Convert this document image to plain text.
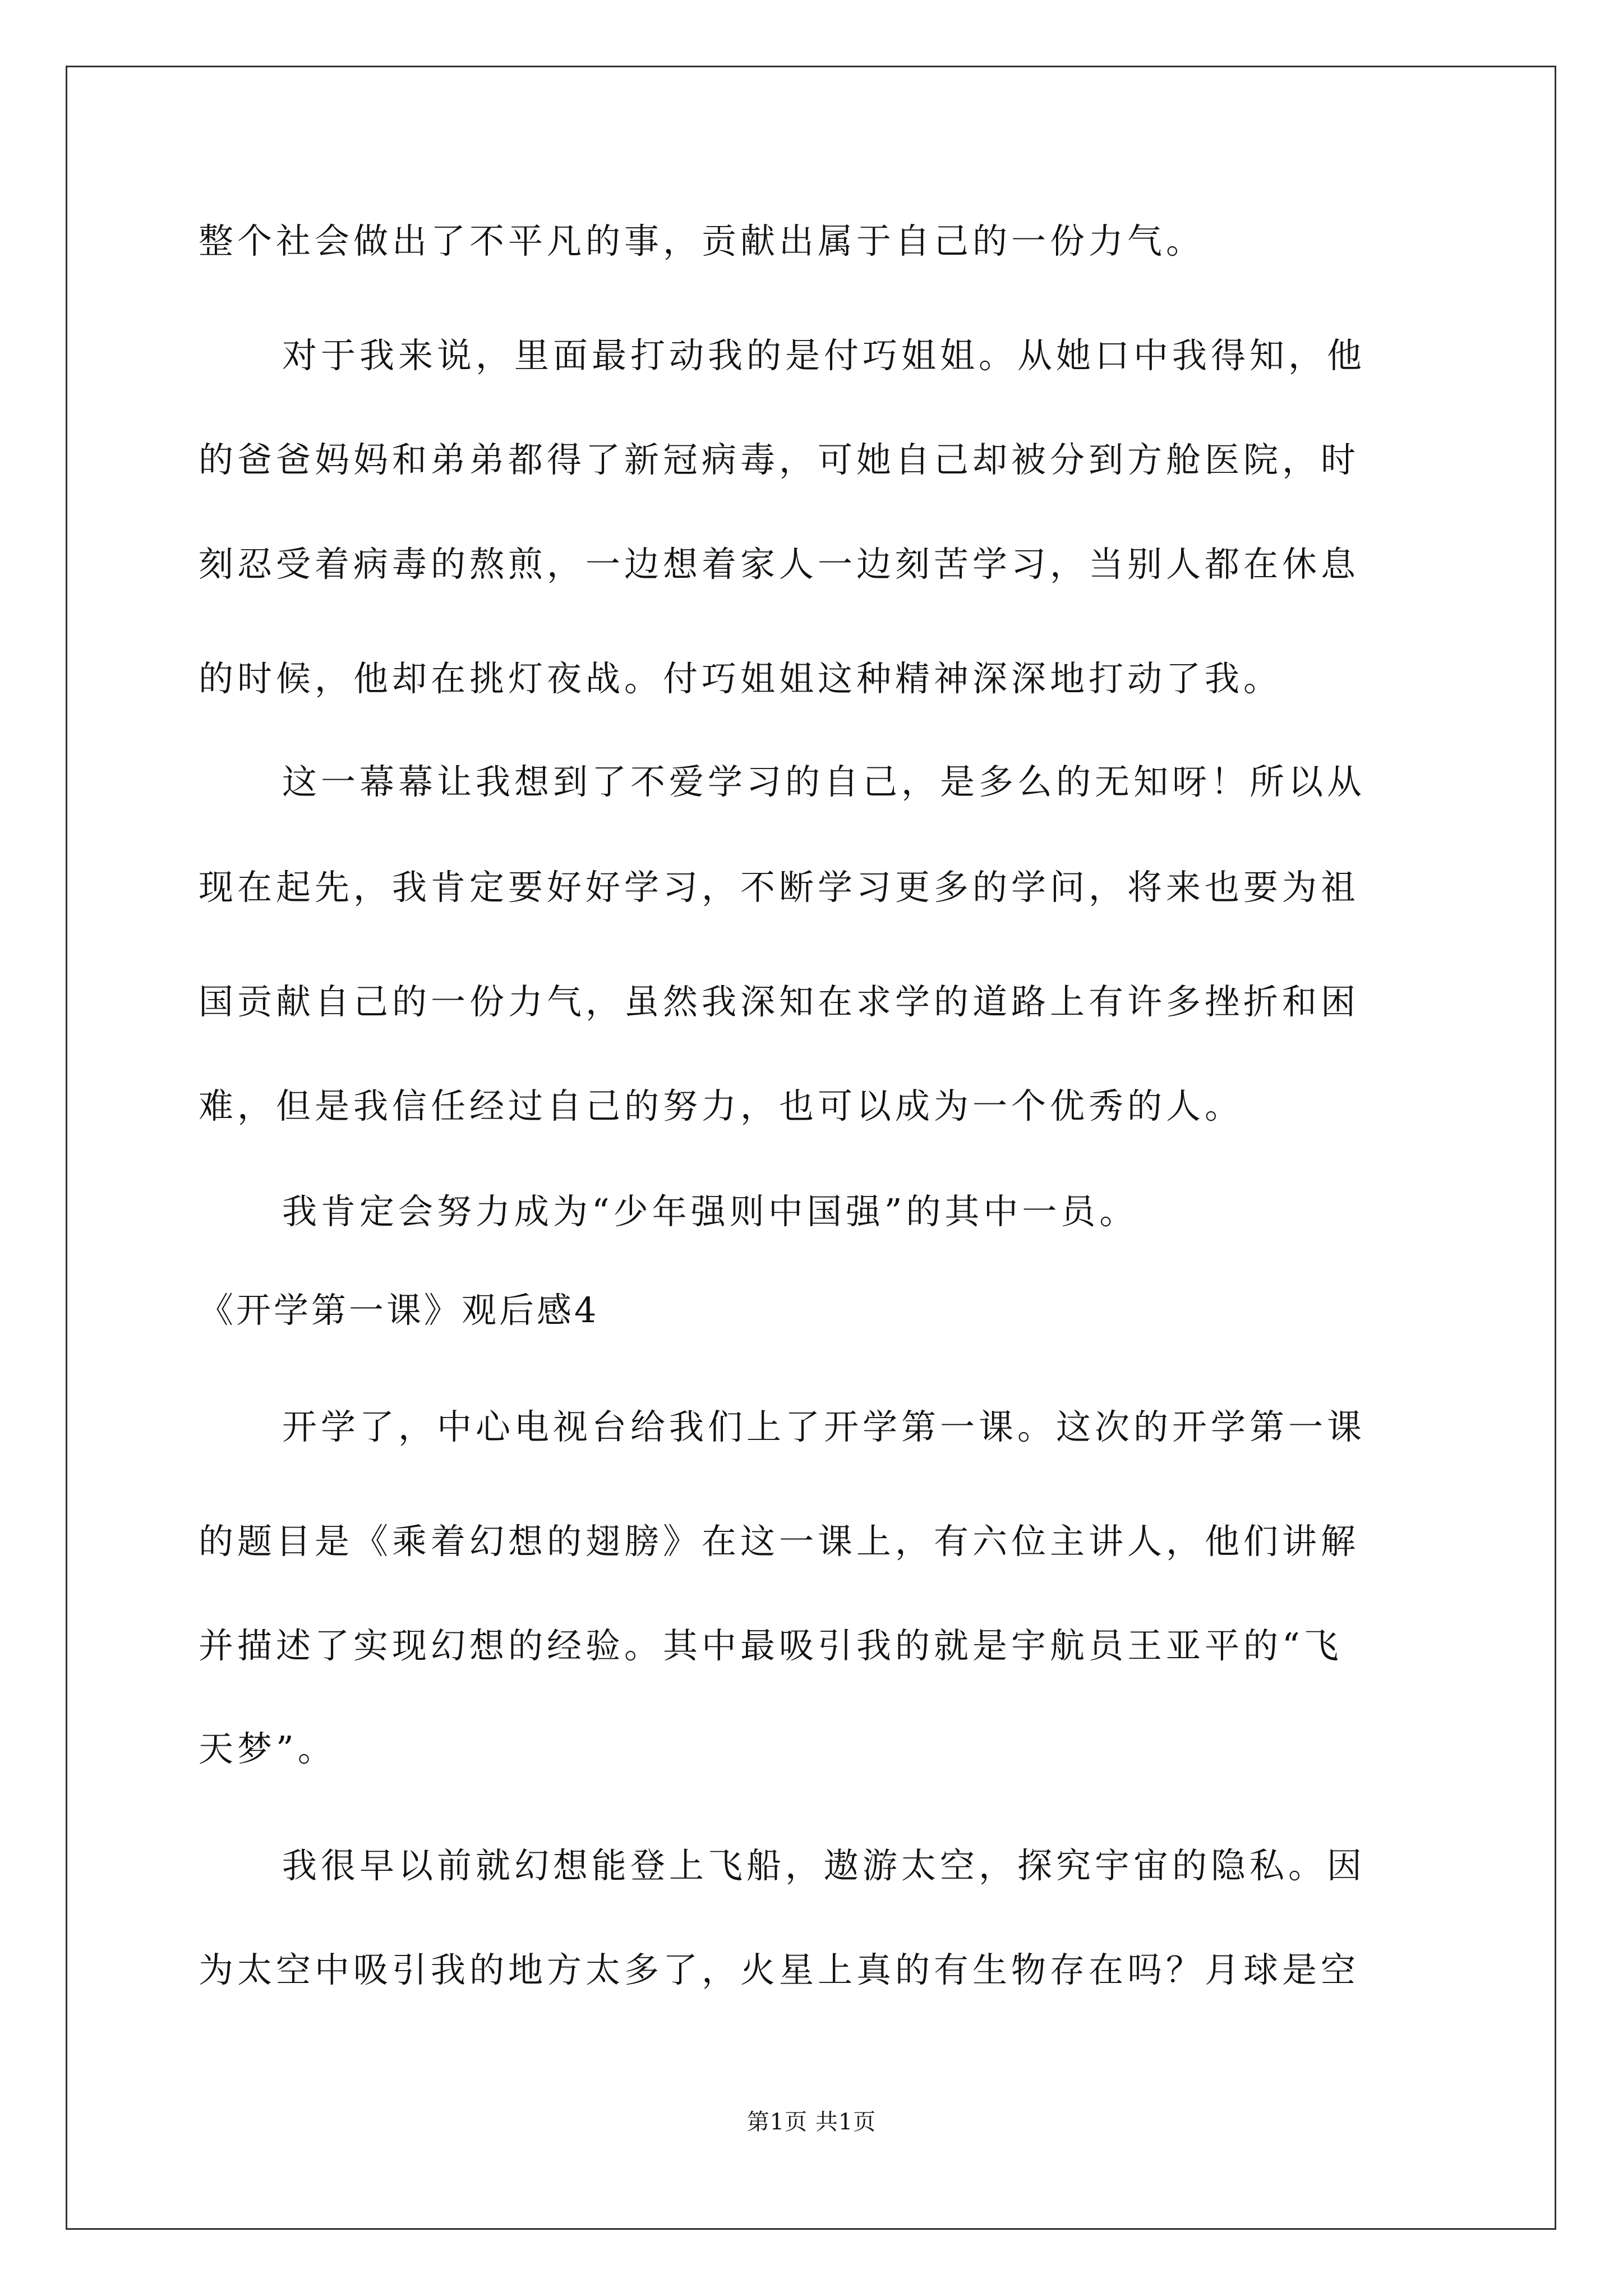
整个社会做出了不平凡的事，贡献出属于自己的一份力气。
对于我来说，里面最打动我的是付巧姐姐。从她口中我得知，他
的爸爸妈妈和弟弟都得了新冠病毒，可她自己却被分到方舱医院，时
刻忍受着病毒的熬煎，一边想着家人一边刻苦学习，当别人都在休息
的时候，他却在挑灯夜战。付巧姐姐这种精神深深地打动了我。
这一幕幕让我想到了不爱学习的自己，是多么的无知呀！所以从
现在起先，我肯定要好好学习，不断学习更多的学问，将来也要为祖
国贡献自己的一份力气，虽然我深知在求学的道路上有许多挫折和困
难，但是我信任经过自己的努力，也可以成为一个优秀的人。
我肯定会努力成为“少年强则中国强”的其中一员。
《开学第一课》观后感4
开学了，中心电视台给我们上了开学第一课。这次的开学第一课
的题目是《乘着幻想的翅膀》在这一课上，有六位主讲人，他们讲解
并描述了实现幻想的经验。其中最吸引我的就是宇航员王亚平的“飞
天梦”。
我很早以前就幻想能登上飞船，遨游太空，探究宇宙的隐私。因
为太空中吸引我的地方太多了，火星上真的有生物存在吗？月球是空
第1页 共1页
